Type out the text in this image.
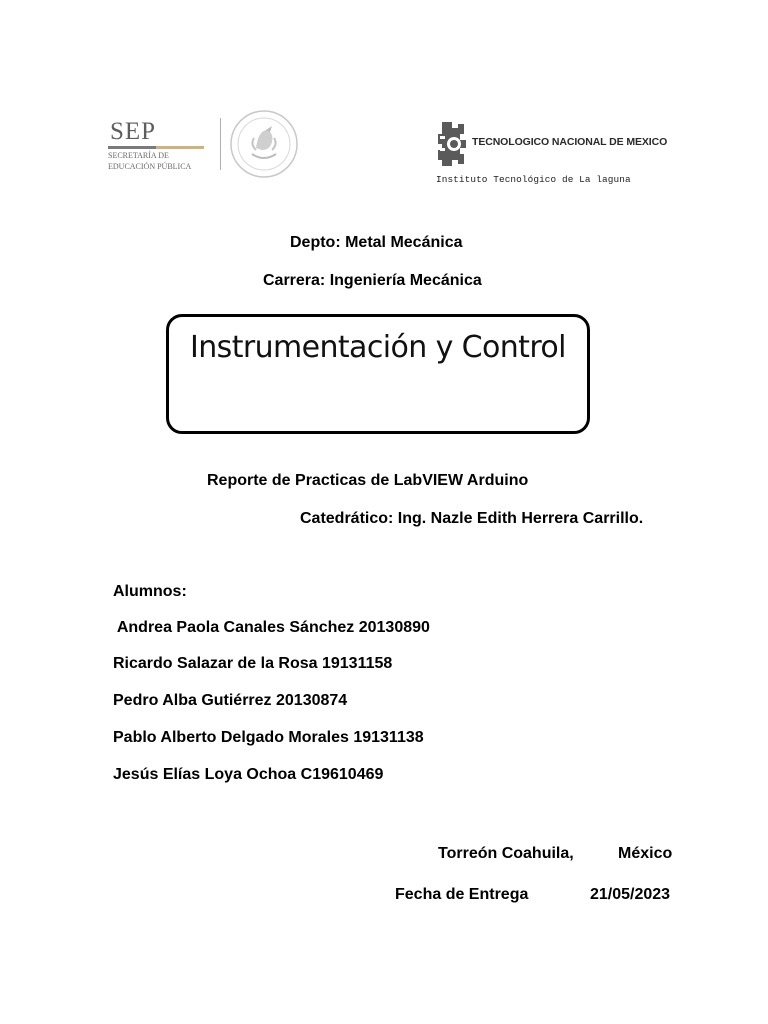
SEP
SECRETARÍA DE
EDUCACIÓN PÚBLICA
TECNOLOGICO NACIONAL DE MEXICO
Instituto Tecnológico de La laguna
Depto: Metal Mecánica
Carrera: Ingeniería Mecánica
Instrumentación y Control
Reporte de Practicas de LabVIEW Arduino
Catedrático: Ing. Nazle Edith Herrera Carrillo.
Alumnos:
Andrea Paola Canales Sánchez 20130890
Ricardo Salazar de la Rosa 19131158
Pedro Alba Gutiérrez 20130874
Pablo Alberto Delgado Morales 19131138
Jesús Elías Loya Ochoa C19610469
Torreón Coahuila,	México
Fecha de Entrega	21/05/2023
